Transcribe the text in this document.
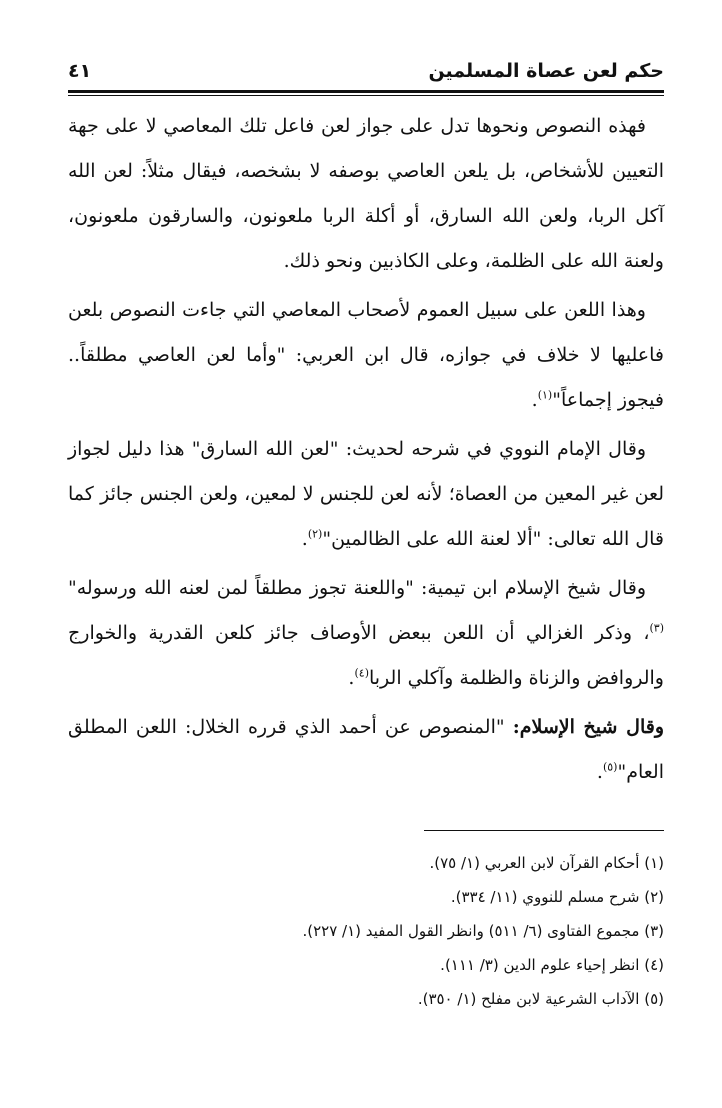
حكم لعن عصاة المسلمين
٤١

فهذه النصوص ونحوها تدل على جواز لعن فاعل تلك المعاصي لا على جهة التعيين للأشخاص، بل يلعن العاصي بوصفه لا بشخصه، فيقال مثلاً: لعن الله آكل الربا، ولعن الله السارق، أو أكلة الربا ملعونون، والسارقون ملعونون، ولعنة الله على الظلمة، وعلى الكاذبين ونحو ذلك.

وهذا اللعن على سبيل العموم لأصحاب المعاصي التي جاءت النصوص بلعن فاعليها لا خلاف في جوازه، قال ابن العربي: "وأما لعن العاصي مطلقاً.. فيجوز إجماعاً"$^{(١)}$.

وقال الإمام النووي في شرحه لحديث: "لعن الله السارق" هذا دليل لجواز لعن غير المعين من العصاة؛ لأنه لعن للجنس لا لمعين، ولعن الجنس جائز كما قال الله تعالى: "ألا لعنة الله على الظالمين"$^{(٢)}$.

وقال شيخ الإسلام ابن تيمية: "واللعنة تجوز مطلقاً لمن لعنه الله ورسوله"$^{(٣)}$، وذكر الغزالي أن اللعن ببعض الأوصاف جائز كلعن القدرية والخوارج والروافض والزناة والظلمة وآكلي الربا$^{(٤)}$.

وقال شيخ الإسلام: "المنصوص عن أحمد الذي قرره الخلال: اللعن المطلق العام"$^{(٥)}$.

(١) أحكام القرآن لابن العربي (١/ ٧٥).

(٢) شرح مسلم للنووي (١١/ ٣٣٤).

(٣) مجموع الفتاوى (٦/ ٥١١) وانظر القول المفيد (١/ ٢٢٧).

(٤) انظر إحياء علوم الدين (٣/ ١١١).

(٥) الآداب الشرعية لابن مفلح (١/ ٣٥٠).
